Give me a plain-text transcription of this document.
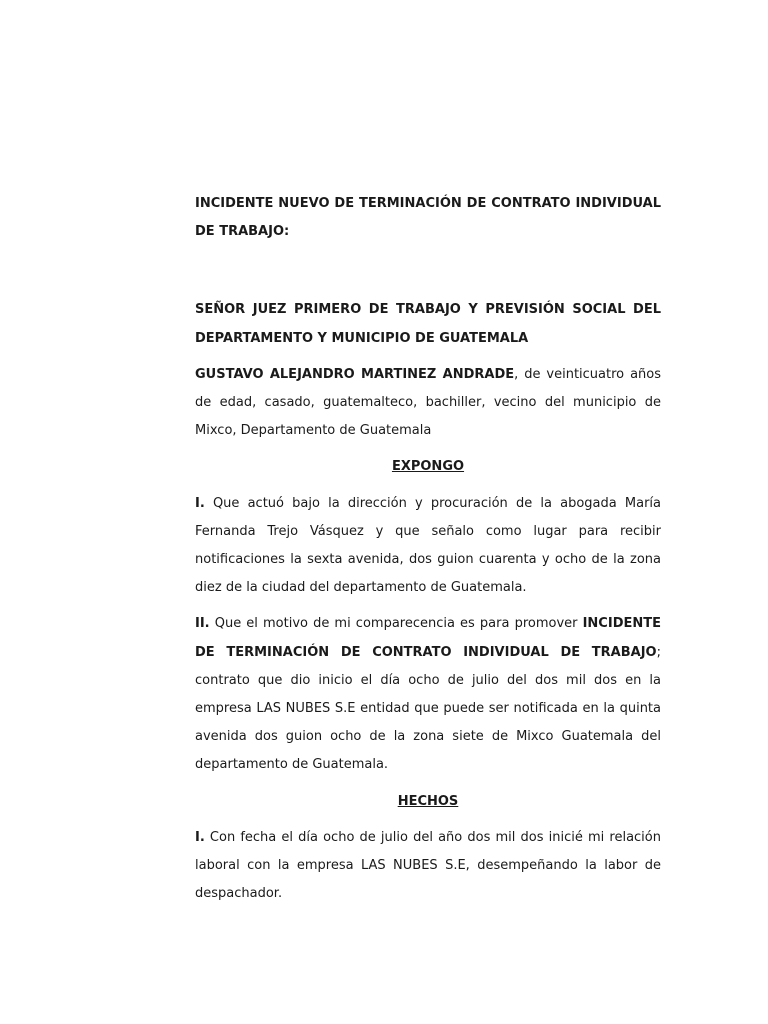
INCIDENTE NUEVO DE TERMINACIÓN DE CONTRATO INDIVIDUAL DE TRABAJO:

SEÑOR JUEZ PRIMERO DE TRABAJO Y PREVISIÓN SOCIAL DEL DEPARTAMENTO Y MUNICIPIO DE GUATEMALA

GUSTAVO ALEJANDRO MARTINEZ ANDRADE, de veinticuatro años de edad, casado, guatemalteco, bachiller, vecino del municipio de Mixco, Departamento de Guatemala

EXPONGO

I. Que actuó bajo la dirección y procuración de la abogada María Fernanda Trejo Vásquez y que señalo como lugar para recibir notificaciones la sexta avenida, dos guion cuarenta y ocho de la zona diez de la ciudad del departamento de Guatemala.

II. Que el motivo de mi comparecencia es para promover INCIDENTE DE TERMINACIÓN DE CONTRATO INDIVIDUAL DE TRABAJO; contrato que dio inicio el día ocho de julio del dos mil dos en la empresa LAS NUBES S.E entidad que puede ser notificada en la quinta avenida dos guion ocho de la zona siete de Mixco Guatemala del departamento de Guatemala.

HECHOS

I. Con fecha el día ocho de julio del año dos mil dos inicié mi relación laboral con la empresa LAS NUBES S.E, desempeñando la labor de despachador.
